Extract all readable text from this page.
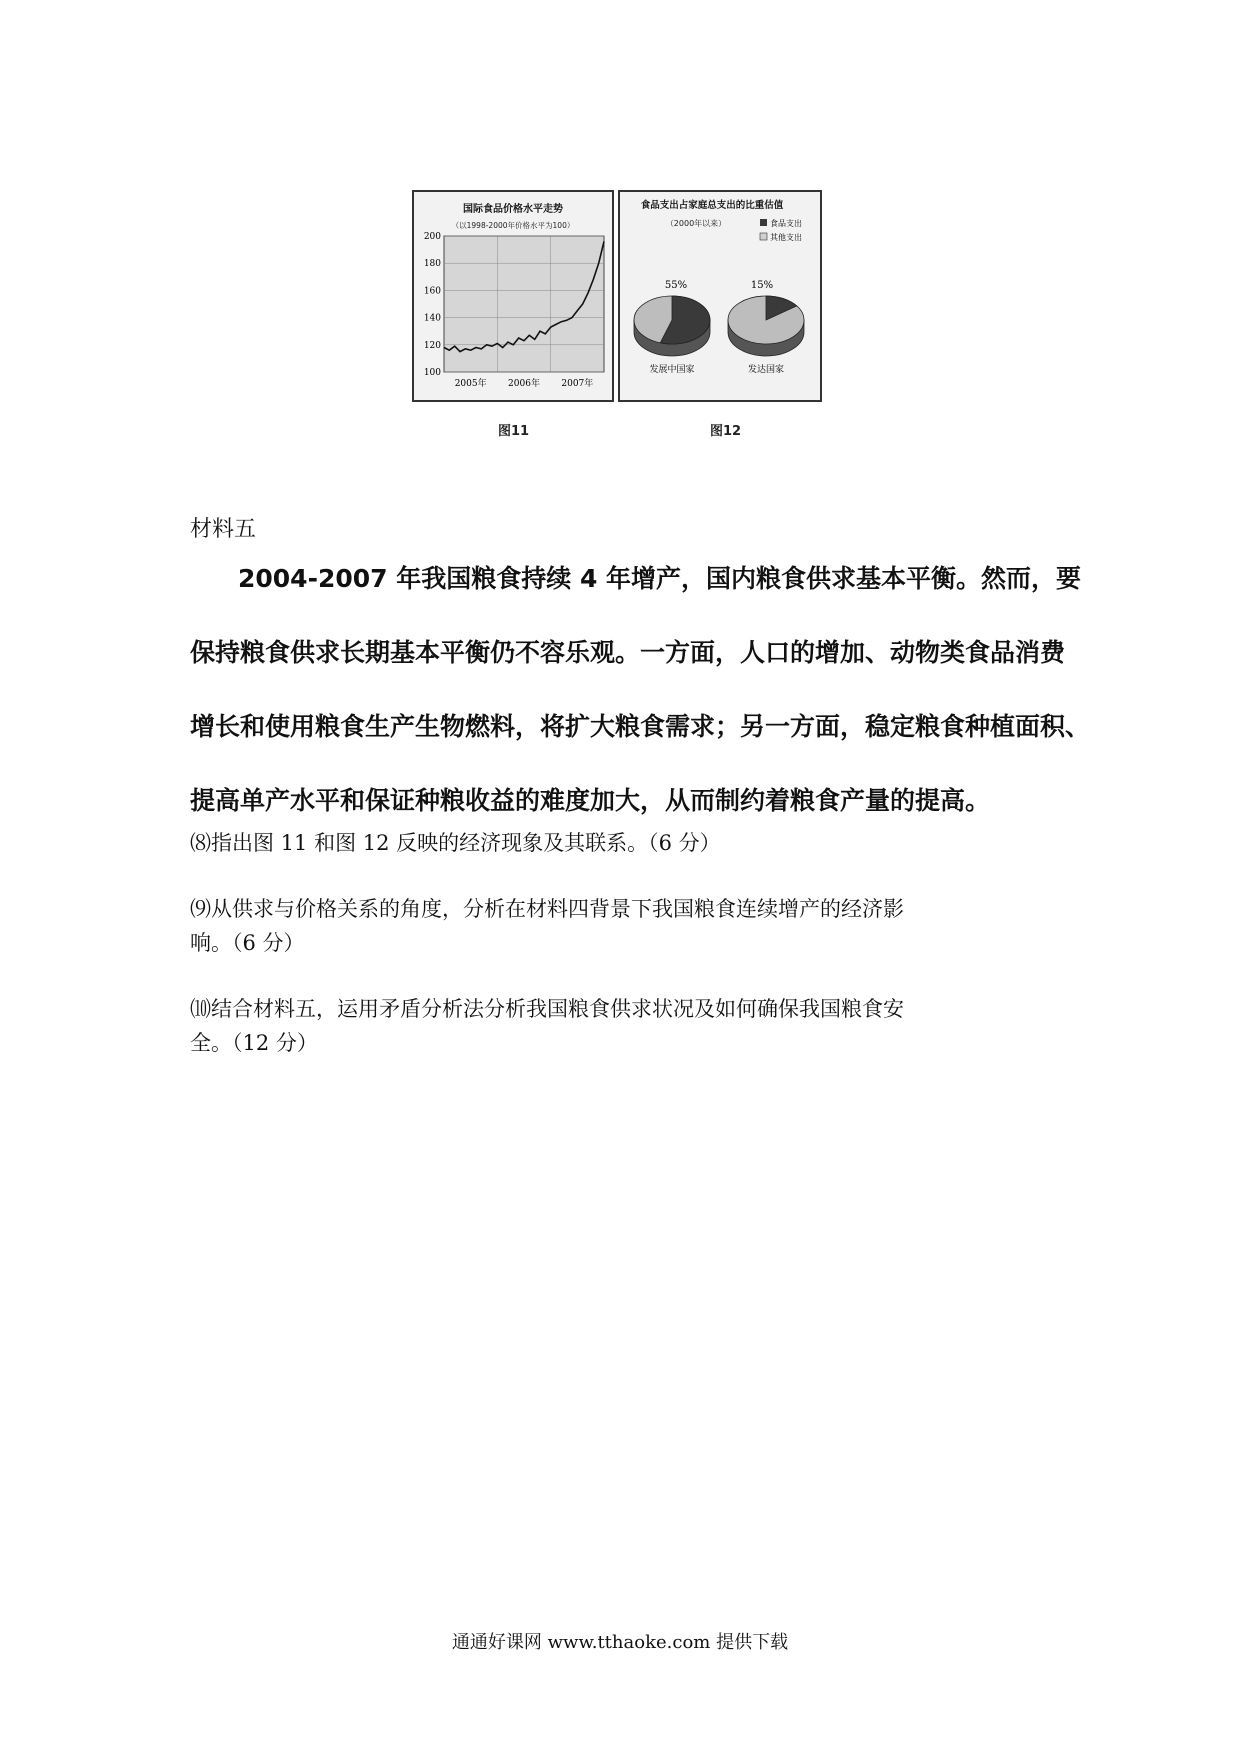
国际食品价格水平走势
（以1998-2000年价格水平为100）
100
120
140
160
180
200
2005年 2006年 2007年
食品支出占家庭总支出的比重估值
（2000年以来）	食品支出
其他支出
55%
发展中国家
15%
发达国家
图11	图12
材料五
2004-2007 年我国粮食持续 4 年增产，国内粮食供求基本平衡。然而，要
保持粮食供求长期基本平衡仍不容乐观。一方面，人口的增加、动物类食品消费
增长和使用粮食生产生物燃料，将扩大粮食需求；另一方面，稳定粮食种植面积、
提高单产水平和保证种粮收益的难度加大，从而制约着粮食产量的提高。
⑻指出图 11 和图 12 反映的经济现象及其联系。（6 分）
⑼从供求与价格关系的角度，分析在材料四背景下我国粮食连续增产的经济影
响。（6 分）
⑽结合材料五，运用矛盾分析法分析我国粮食供求状况及如何确保我国粮食安
全。（12 分）
通通好课网 www.tthaoke.com 提供下载
